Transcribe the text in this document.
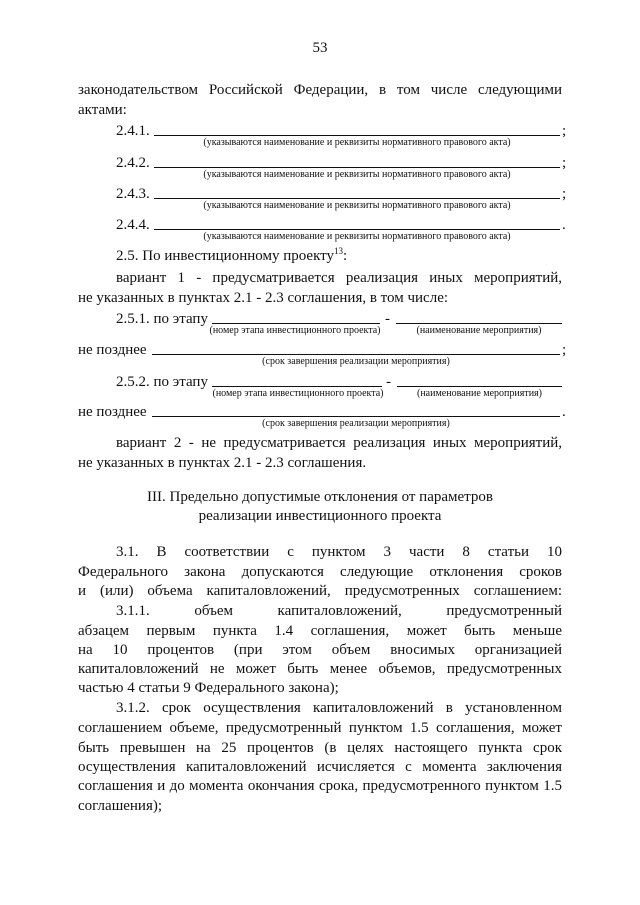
53
законодательством Российской Федерации, в том числе следующими
актами:
2.4.1.	;
(указываются наименование и реквизиты нормативного правового акта)
2.4.2.	;
(указываются наименование и реквизиты нормативного правового акта)
2.4.3.	;
(указываются наименование и реквизиты нормативного правового акта)
2.4.4.	.
(указываются наименование и реквизиты нормативного правового акта)
2.5. По инвестиционному проекту$^{13}$:
вариант 1 - предусматривается реализация иных мероприятий,
не указанных в пунктах 2.1 - 2.3 соглашения, в том числе:
2.5.1. по этапу	-
(номер этапа инвестиционного проекта)	(наименование мероприятия)
не позднее	;
(срок завершения реализации мероприятия)
2.5.2. по этапу	-
(номер этапа инвестиционного проекта)	(наименование мероприятия)
не позднее	.
(срок завершения реализации мероприятия)
вариант 2 - не предусматривается реализация иных мероприятий,
не указанных в пунктах 2.1 - 2.3 соглашения.
III. Предельно допустимые отклонения от параметров
реализации инвестиционного проекта
3.1. В соответствии с пунктом 3 части 8 статьи 10
Федерального закона допускаются следующие отклонения сроков
и (или) объема капиталовложений, предусмотренных соглашением:
3.1.1. объем капиталовложений, предусмотренный
абзацем первым пункта 1.4 соглашения, может быть меньше
на 10 процентов (при этом объем вносимых организацией
капиталовложений не может быть менее объемов, предусмотренных
частью 4 статьи 9 Федерального закона);
3.1.2. срок осуществления капиталовложений в установленном
соглашением объеме, предусмотренный пунктом 1.5 соглашения, может
быть превышен на 25 процентов (в целях настоящего пункта срок
осуществления капиталовложений исчисляется с момента заключения
соглашения и до момента окончания срока, предусмотренного пунктом 1.5
соглашения);
